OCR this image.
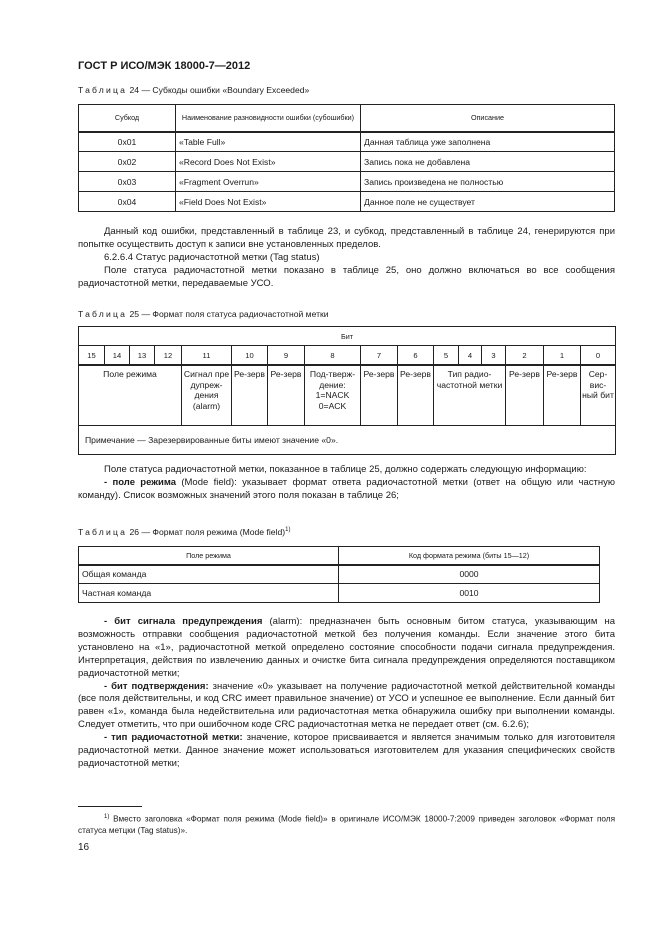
ГОСТ Р ИСО/МЭК 18000-7—2012
Таблица 24 — Субкоды ошибки «Boundary Exceeded»
Субкод	Наименование разновидности ошибки (субошибки)	Описание
0x01	«Table Full»	Данная таблица уже заполнена
0x02	«Record Does Not Exist»	Запись пока не добавлена
0x03	«Fragment Overrun»	Запись произведена не полностью
0x04	«Field Does Not Exist»	Данное поле не существует

Данный код ошибки, представленный в таблице 23, и субкод, представленный в таблице 24, генерируются при попытке осуществить доступ к записи вне установленных пределов.

6.2.6.4 Статус радиочастотной метки (Tag status)

Поле статуса радиочастотной метки показано в таблице 25, оно должно включаться во все сообщения радиочастотной метки, передаваемые УСО.

Таблица 25 — Формат поля статуса радиочастотной метки
Бит															
15	14	13	12	11	10	9	8	7	6	5	4	3	2	1	0
Поле режима				Сигнал пре дупреж-дения (alarm)	Ре-зерв	Ре-зерв	Под-тверж-дение: 1=NACK 0=ACK	Ре-зерв	Ре-зерв	Тип радио-частотной метки			Ре-зерв	Ре-зерв	Сер-вис-ный бит
Примечание — Зарезервированные биты имеют значение «0».															

Поле статуса радиочастотной метки, показанное в таблице 25, должно содержать следующую информацию:

- поле режима (Mode field): указывает формат ответа радиочастотной метки (ответ на общую или частную команду). Список возможных значений этого поля показан в таблице 26;

Таблица 26 — Формат поля режима (Mode field)$^{1)}$
Поле режима	Код формата режима (биты 15—12)
Общая команда	0000
Частная команда	0010

- бит сигнала предупреждения (alarm): предназначен быть основным битом статуса, указывающим на возможность отправки сообщения радиочастотной меткой без получения команды. Если значение этого бита установлено на «1», радиочастотной меткой определено состояние способности подачи сигнала предупреждения. Интерпретация, действия по извлечению данных и очистке бита сигнала предупреждения определяются поставщиком радиочастотной метки;

- бит подтверждения: значение «0» указывает на получение радиочастотной меткой действительной команды (все поля действительны, и код CRC имеет правильное значение) от УСО и успешное ее выполнение. Если данный бит равен «1», команда была недействительна или радиочастотная метка обнаружила ошибку при выполнении команды. Следует отметить, что при ошибочном коде CRC радиочастотная метка не передает ответ (см. 6.2.6);

- тип радиочастотной метки: значение, которое присваивается и является значимым только для изготовителя радиочастотной метки. Данное значение может использоваться изготовителем для указания специфических свойств радиочастотной метки;

$^{1)}$ Вместо заголовка «Формат поля режима (Mode field)» в оригинале ИСО/МЭК 18000-7:2009 приведен заголовок «Формат поля статуса метцки (Tag status)».
16
